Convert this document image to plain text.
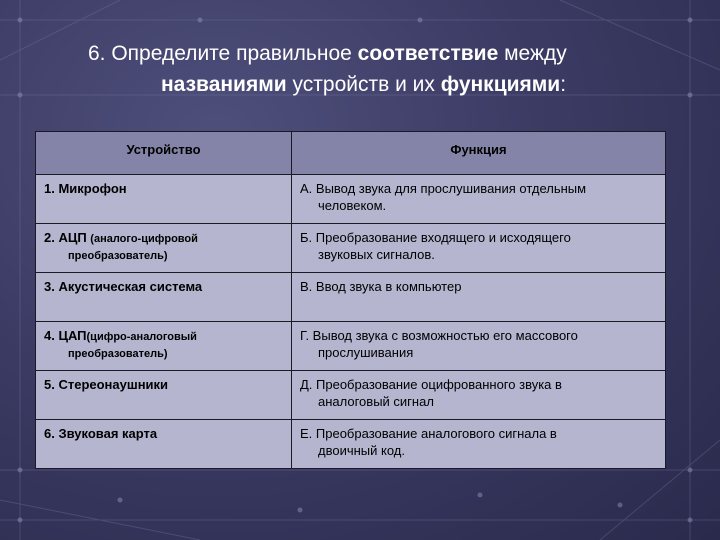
6. Определите правильное соответствие между
названиями устройств и их функциями:
Устройство	Функция
1. Микрофон	А. Вывод звука для прослушивания отдельным
человеком.

2. АЦП (аналого-цифровой
преобразователь)	Б. Преобразование входящего и исходящего
звуковых сигналов.

3. Акустическая система	В. Ввод звука в компьютер

4. ЦАП(цифро-аналоговый
преобразователь)	Г. Вывод звука с возможностью его массового
прослушивания

5. Стереонаушники	Д. Преобразование оцифрованного звука в
аналоговый сигнал

6. Звуковая карта	Е. Преобразование аналогового сигнала в
двоичный код.
